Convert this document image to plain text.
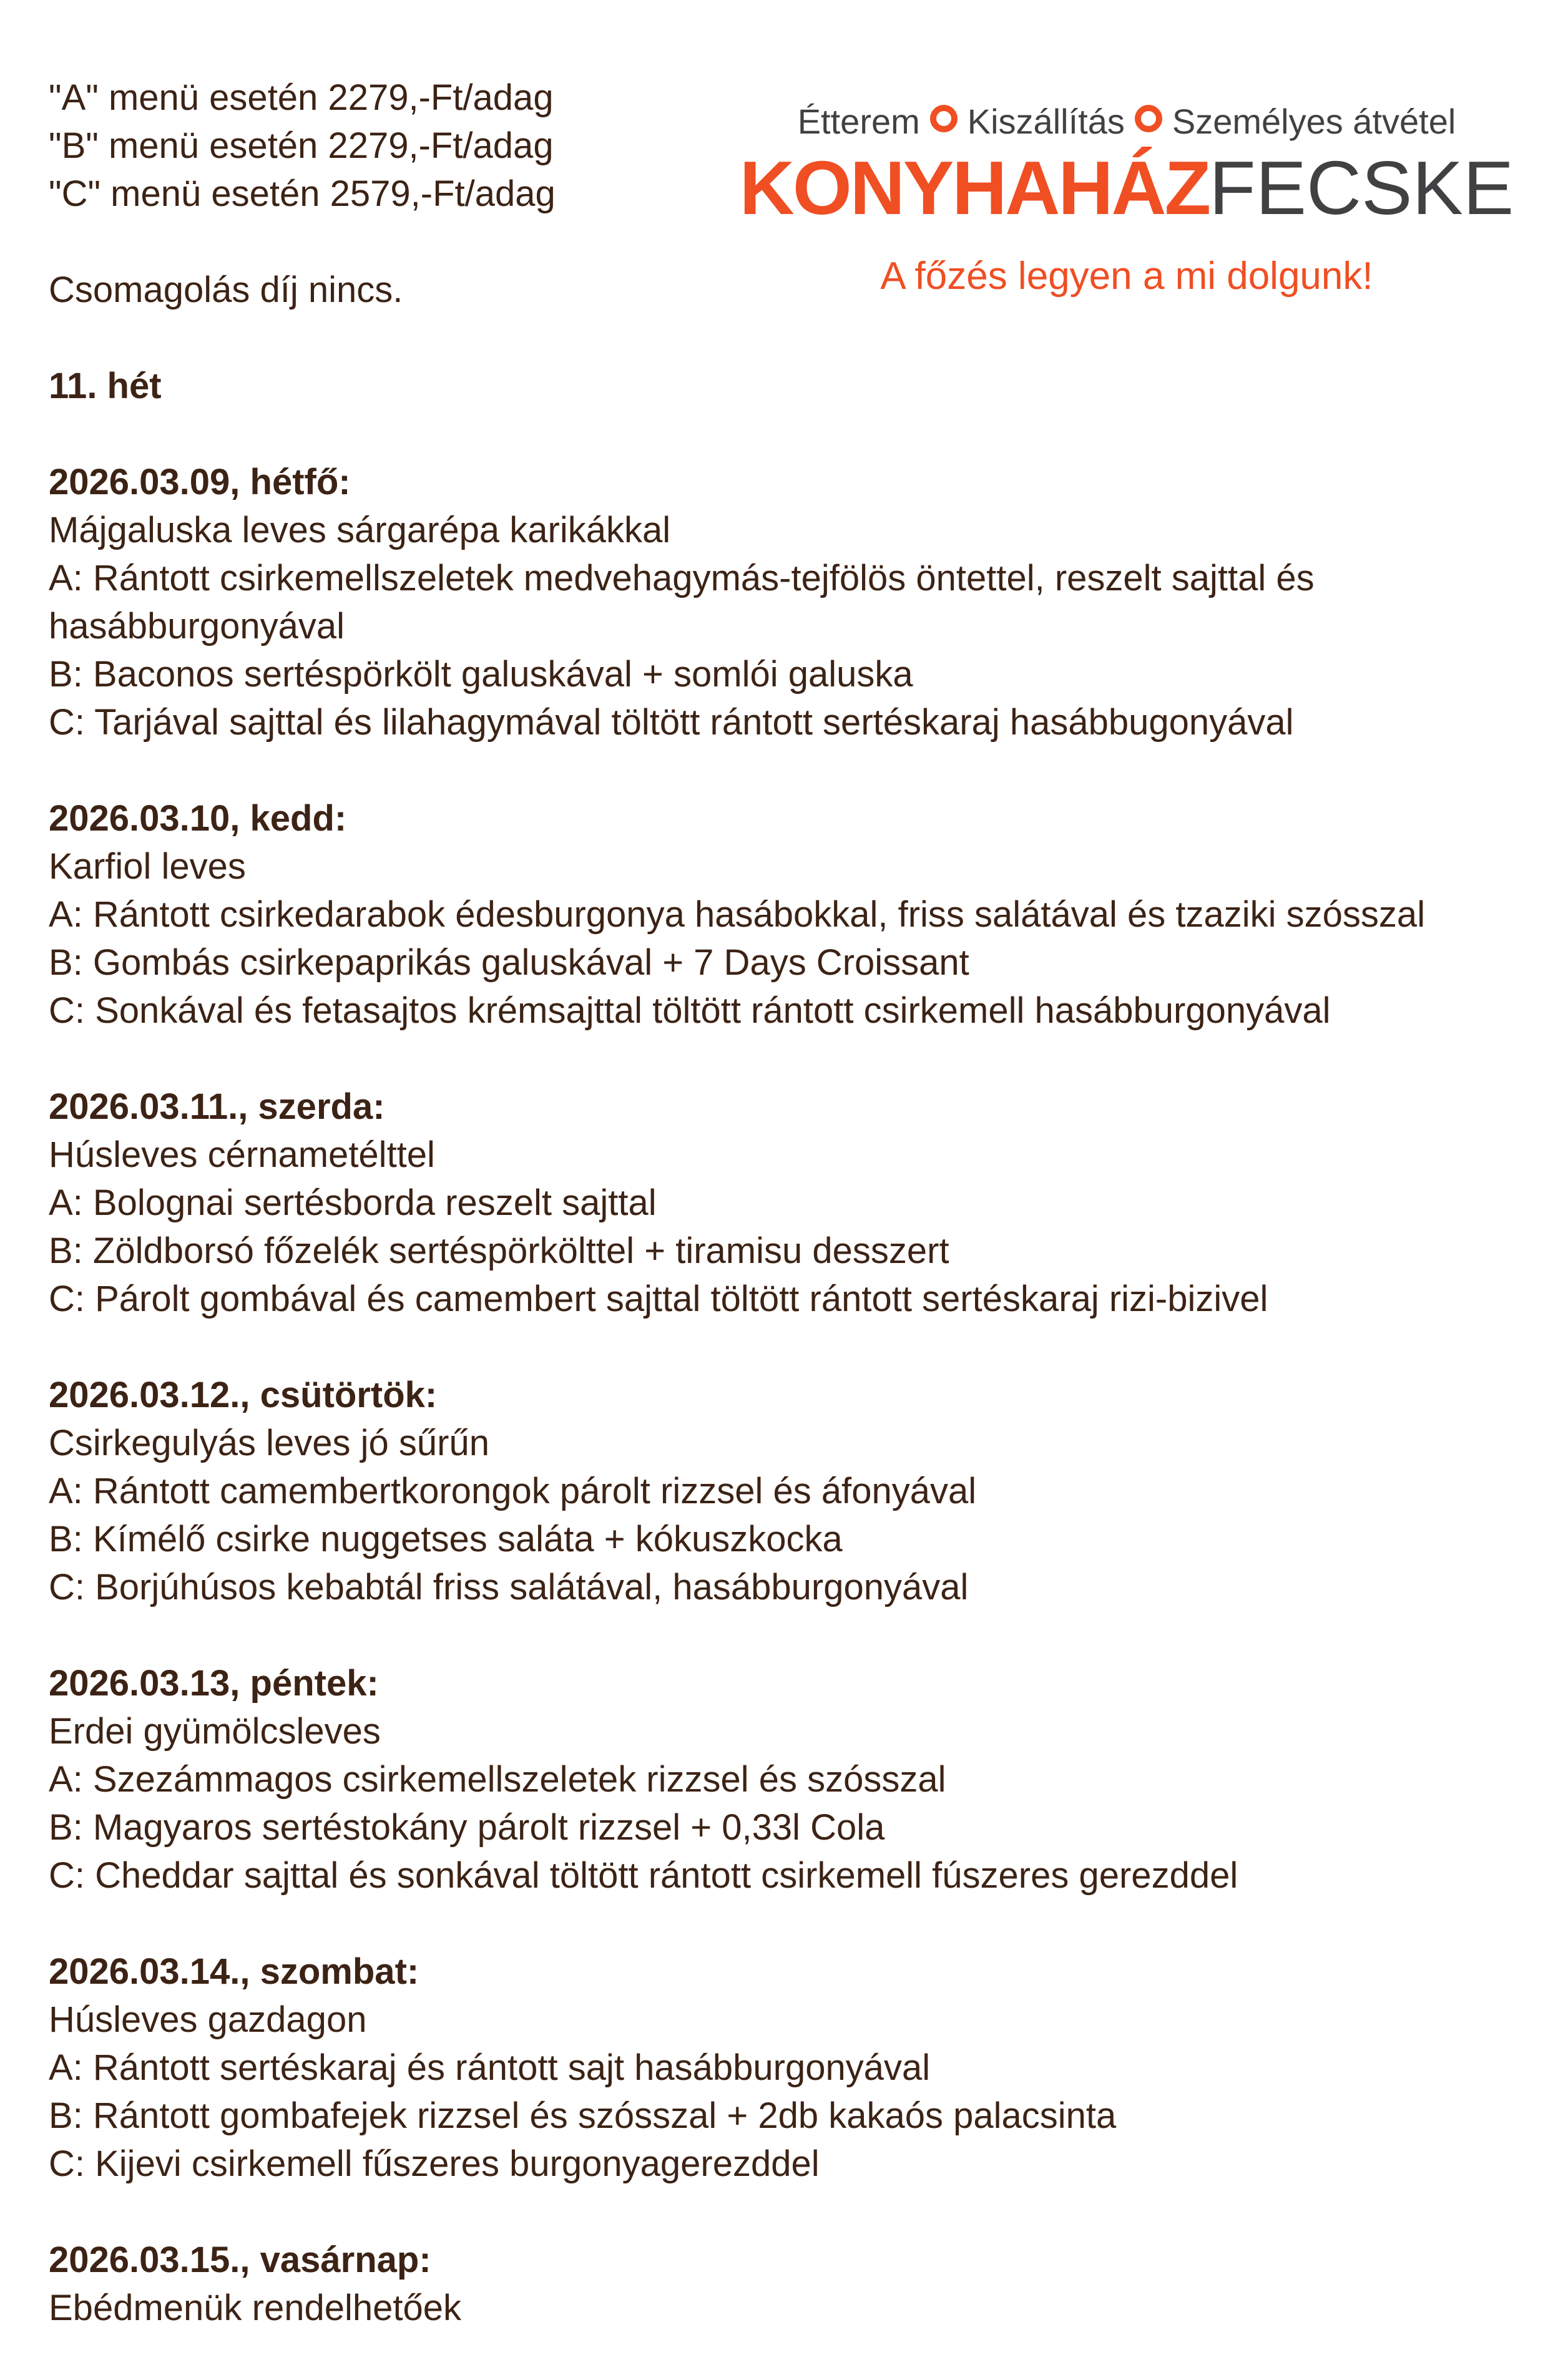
Étterem Kiszállítás Személyes átvétel
KONYHAHÁZFECSKE
A főzés legyen a mi dolgunk!

"A" menü esetén 2279,-Ft/adag

"B" menü esetén 2279,-Ft/adag

"C" menü esetén 2579,-Ft/adag

Csomagolás díj nincs.

11. hét

2026.03.09, hétfő:

Májgaluska leves sárgarépa karikákkal

A: Rántott csirkemellszeletek medvehagymás-tejfölös öntettel, reszelt sajttal és hasábburgonyával

B: Baconos sertéspörkölt galuskával + somlói galuska

C: Tarjával sajttal és lilahagymával töltött rántott sertéskaraj hasábbugonyával

2026.03.10, kedd:

Karfiol leves

A: Rántott csirkedarabok édesburgonya hasábokkal, friss salátával és tzaziki szósszal

B: Gombás csirkepaprikás galuskával + 7 Days Croissant

C: Sonkával és fetasajtos krémsajttal töltött rántott csirkemell hasábburgonyával

2026.03.11., szerda:

Húsleves cérnametélttel

A: Bolognai sertésborda reszelt sajttal

B: Zöldborsó főzelék sertéspörkölttel + tiramisu desszert

C: Párolt gombával és camembert sajttal töltött rántott sertéskaraj rizi-bizivel

2026.03.12., csütörtök:

Csirkegulyás leves jó sűrűn

A: Rántott camembertkorongok párolt rizzsel és áfonyával

B: Kímélő csirke nuggetses saláta + kókuszkocka

C: Borjúhúsos kebabtál friss salátával, hasábburgonyával

2026.03.13, péntek:

Erdei gyümölcsleves

A: Szezámmagos csirkemellszeletek rizzsel és szósszal

B: Magyaros sertéstokány párolt rizzsel + 0,33l Cola

C: Cheddar sajttal és sonkával töltött rántott csirkemell fúszeres gerezddel

2026.03.14., szombat:

Húsleves gazdagon

A: Rántott sertéskaraj és rántott sajt hasábburgonyával

B: Rántott gombafejek rizzsel és szósszal + 2db kakaós palacsinta

C: Kijevi csirkemell fűszeres burgonyagerezddel

2026.03.15., vasárnap:

Ebédmenük rendelhetőek
